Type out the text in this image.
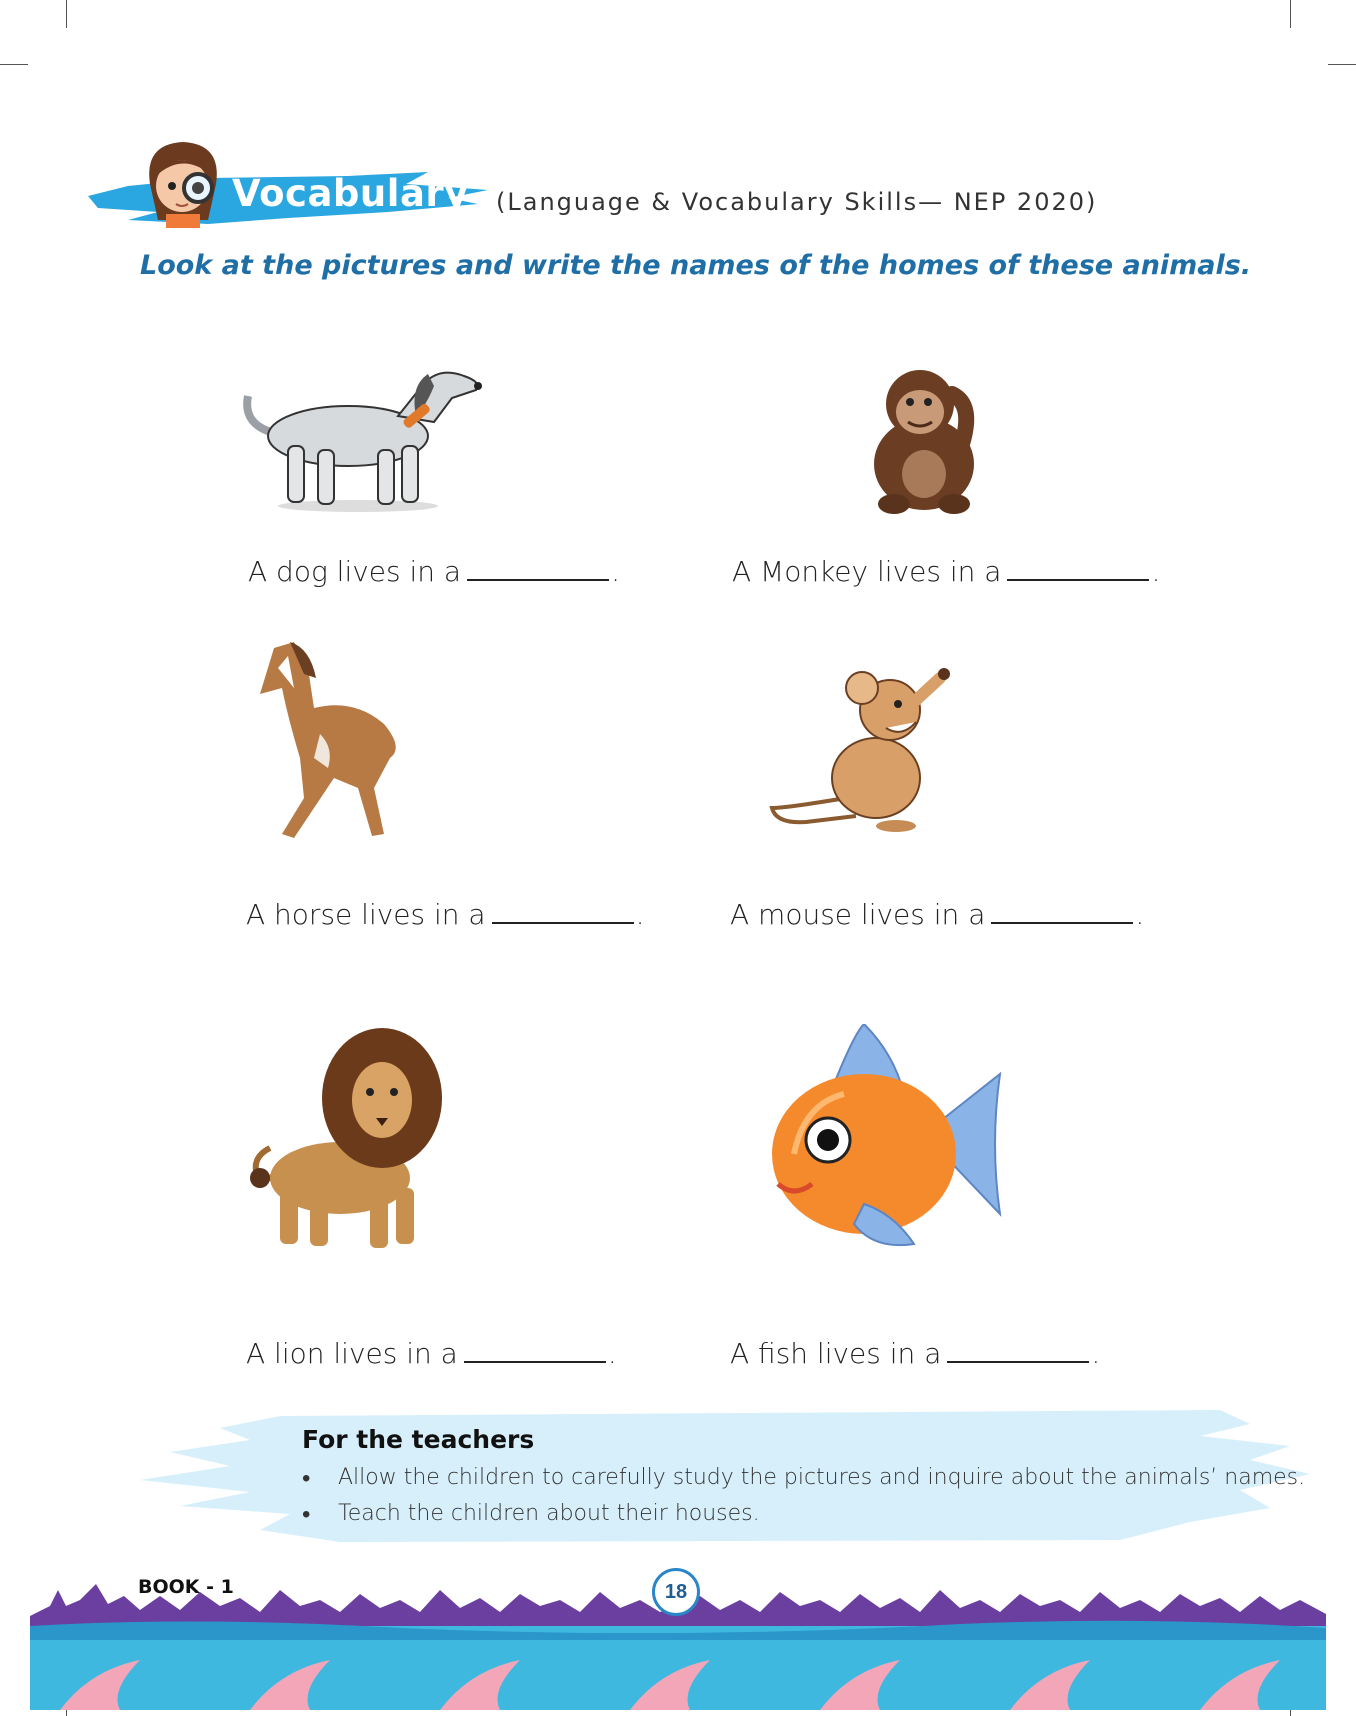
Vocabulary (Language & Vocabulary Skills— NEP 2020)
Look at the pictures and write the names of the homes of these animals.
A dog lives in a	.	A Monkey lives in a	.
A horse lives in a	.	A mouse lives in a	.
A lion lives in a	.	A fish lives in a	.
For the teachers
• Allow the children to carefully study the pictures and inquire about the animals’ names.
• Teach the children about their houses.
BOOK - 1	18
